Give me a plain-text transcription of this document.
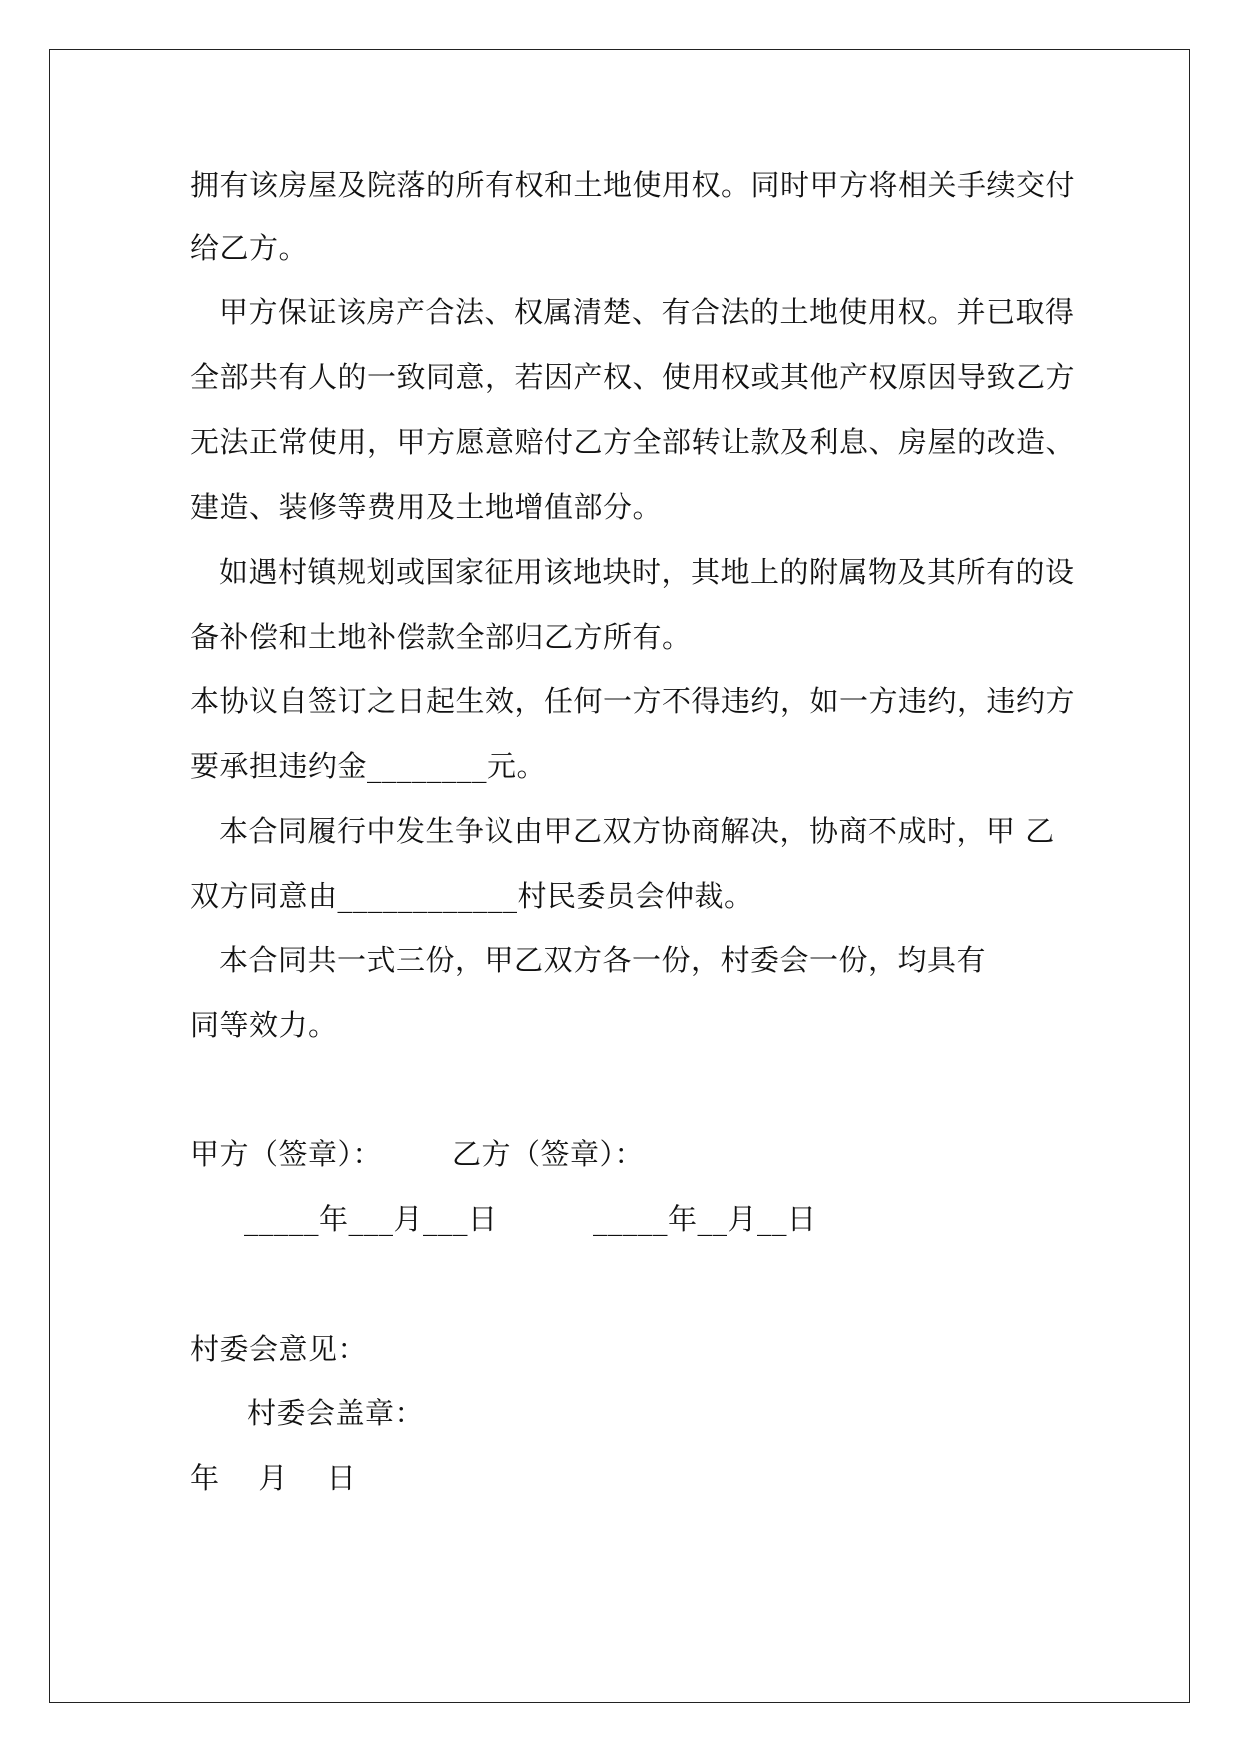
拥有该房屋及院落的所有权和土地使用权。同时甲方将相关手续交付
给乙方。
甲方保证该房产合法、权属清楚、有合法的土地使用权。并已取得
全部共有人的一致同意，若因产权、使用权或其他产权原因导致乙方
无法正常使用，甲方愿意赔付乙方全部转让款及利息、房屋的改造、
建造、装修等费用及土地增值部分。
如遇村镇规划或国家征用该地块时，其地上的附属物及其所有的设
备补偿和土地补偿款全部归乙方所有。
本协议自签订之日起生效，任何一方不得违约，如一方违约，违约方
要承担违约金________元。
本合同履行中发生争议由甲乙双方协商解决，协商不成时，甲 乙
双方同意由____________村民委员会仲裁。
本合同共一式三份，甲乙双方各一份，村委会一份，均具有
同等效力。
甲方（签章）： 乙方（签章）：
_____年___月___日	_____年__月__日
村委会意见：
村委会盖章：
年    月    日
